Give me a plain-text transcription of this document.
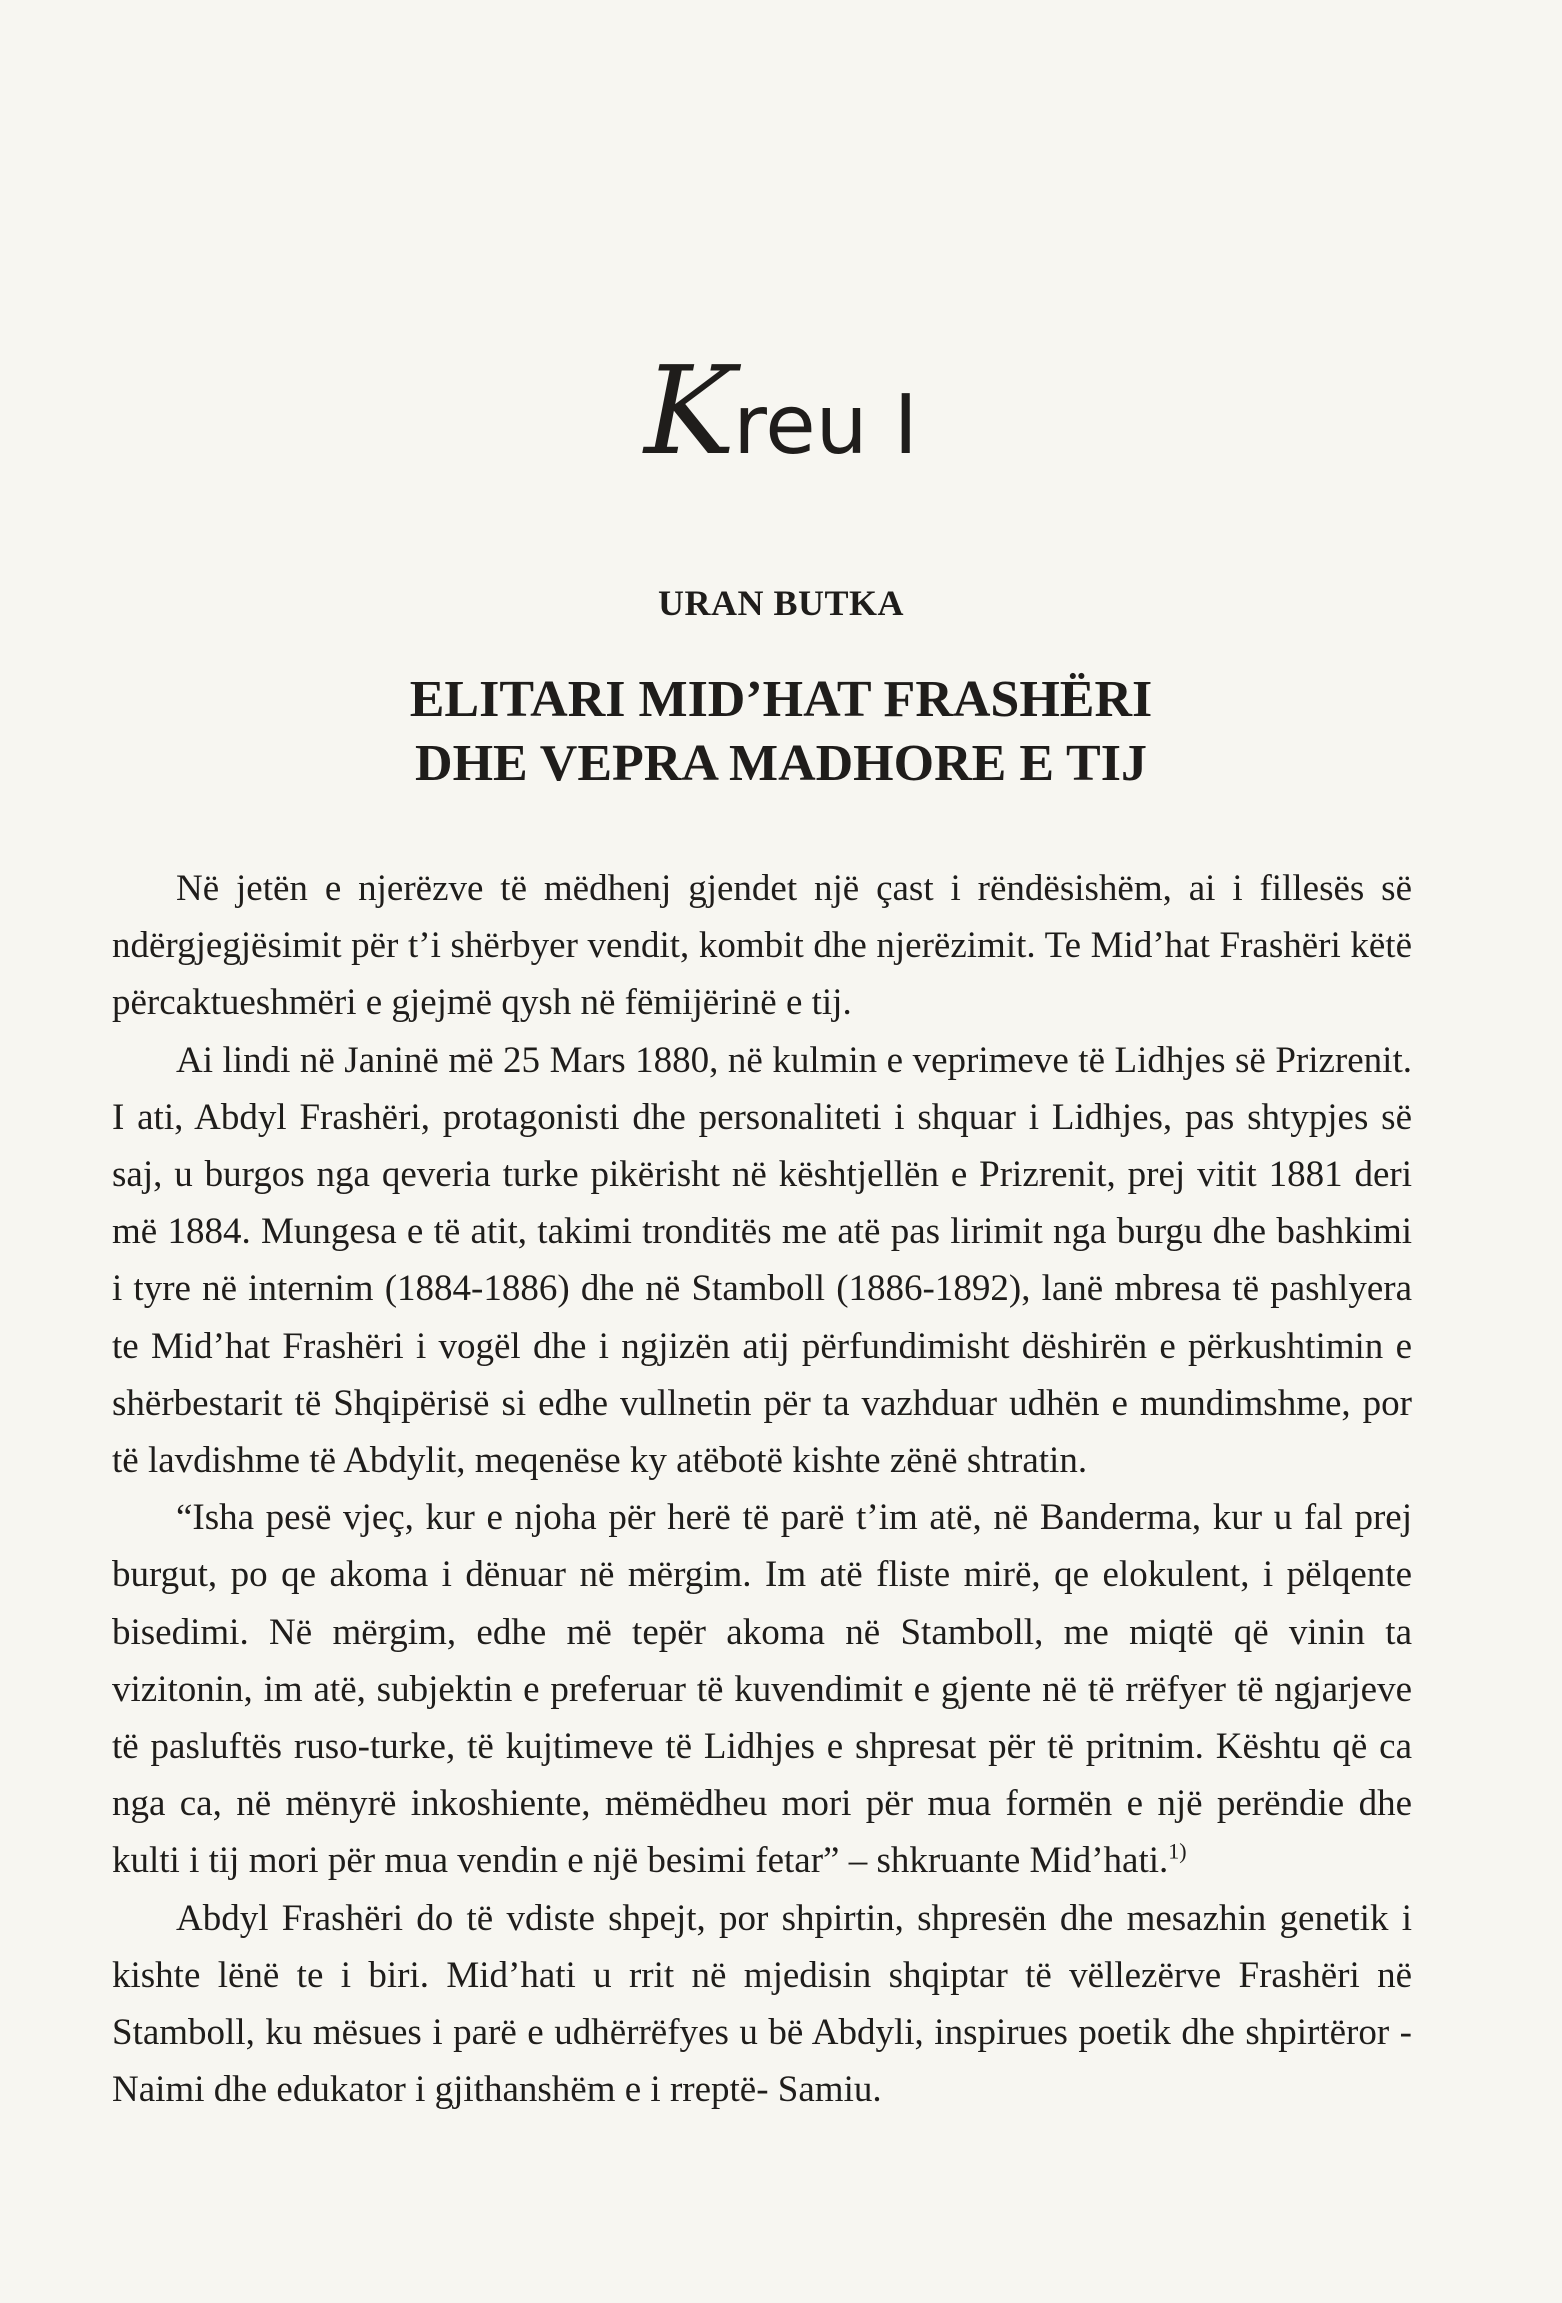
Kreu I
URAN BUTKA
ELITARI MID’HAT FRASHËRI
DHE VEPRA MADHORE E TIJ

Në jetën e njerëzve të mëdhenj gjendet një çast i rëndësishëm, ai i fillesës së ndërgjegjësimit për t’i shërbyer vendit, kombit dhe njerëzimit. Te Mid’hat Frashëri këtë përcaktueshmëri e gjejmë qysh në fëmijërinë e tij.

Ai lindi në Janinë më 25 Mars 1880, në kulmin e veprimeve të Lidhjes së Prizrenit. I ati, Abdyl Frashëri, protagonisti dhe personaliteti i shquar i Lidhjes, pas shtypjes së saj, u burgos nga qeveria turke pikërisht në kështjellën e Prizrenit, prej vitit 1881 deri më 1884. Mungesa e të atit, takimi tronditës me atë pas lirimit nga burgu dhe bashkimi i tyre në internim (1884-1886) dhe në Stamboll (1886-1892), lanë mbresa të pashlyera te Mid’hat Frashëri i vogël dhe i ngjizën atij përfundimisht dëshirën e përkushtimin e shërbestarit të Shqipërisë si edhe vullnetin për ta vazhduar udhën e mundimshme, por të lavdishme të Abdylit, meqenëse ky atëbotë kishte zënë shtratin.

“Isha pesë vjeç, kur e njoha për herë të parë t’im atë, në Banderma, kur u fal prej burgut, po qe akoma i dënuar në mërgim. Im atë fliste mirë, qe elokulent, i pëlqente bisedimi. Në mërgim, edhe më tepër akoma në Stamboll, me miqtë që vinin ta vizitonin, im atë, subjektin e preferuar të kuvendimit e gjente në të rrëfyer të ngjarjeve të pasluftës ruso-turke, të kujtimeve të Lidhjes e shpresat për të pritnim. Kështu që ca nga ca, në mënyrë inkoshiente, mëmëdheu mori për mua formën e një perëndie dhe kulti i tij mori për mua vendin e një besimi fetar” – shkruante Mid’hati.$^{1)}$

Abdyl Frashëri do të vdiste shpejt, por shpirtin, shpresën dhe mesazhin genetik i kishte lënë te i biri. Mid’hati u rrit në mjedisin shqiptar të vëllezërve Frashëri në Stamboll, ku mësues i parë e udhërrëfyes u bë Abdyli, inspirues poetik dhe shpirtëror -Naimi dhe edukator i gjithanshëm e i rreptë- Samiu.
